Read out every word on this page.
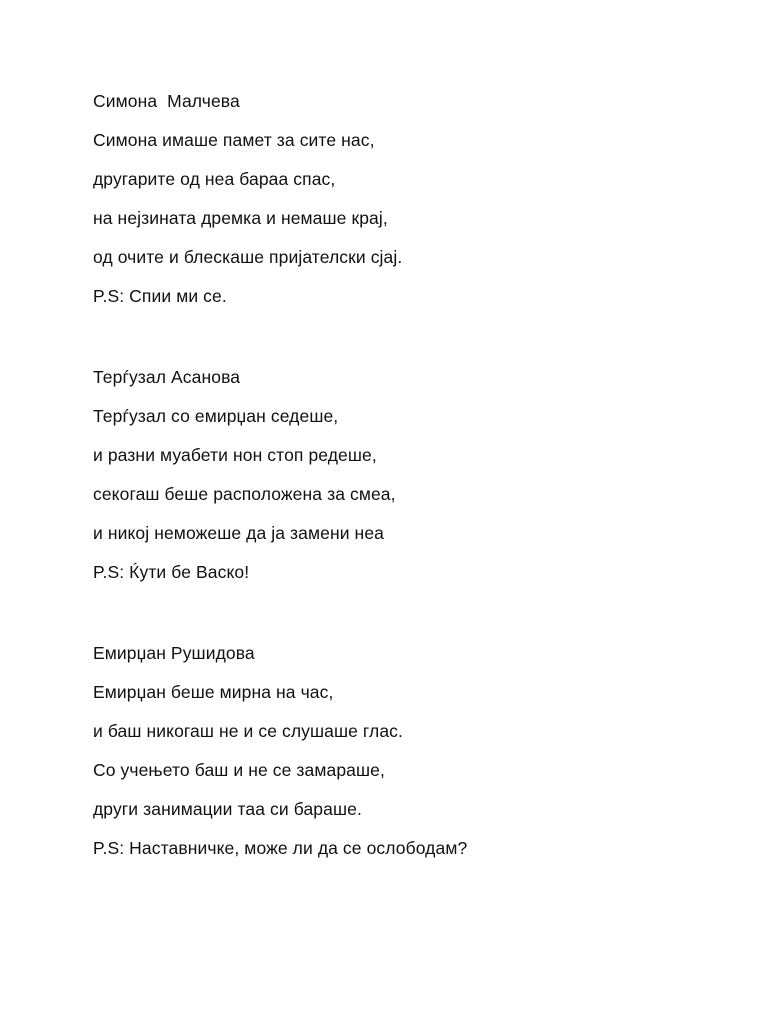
Симона  Малчева
Симона имаше памет за сите нас,
другарите од неа бараа спас,
на нејзината дремка и немаше крај,
од очите и блескаше пријателски сјај.
P.S: Спии ми се.
Терѓузал Асанова
Терѓузал со емирџан седеше,
и разни муабети нон стоп редеше,
секогаш беше расположена за смеа,
и никој неможеше да ја замени неа
P.S: Ќути бе Васко!
Емирџан Рушидова
Емирџан беше мирна на час,
и баш никогаш не и се слушаше глас.
Со учењето баш и не се замараше,
други занимации таа си бараше.
P.S: Наставничке, може ли да се ослободам?
